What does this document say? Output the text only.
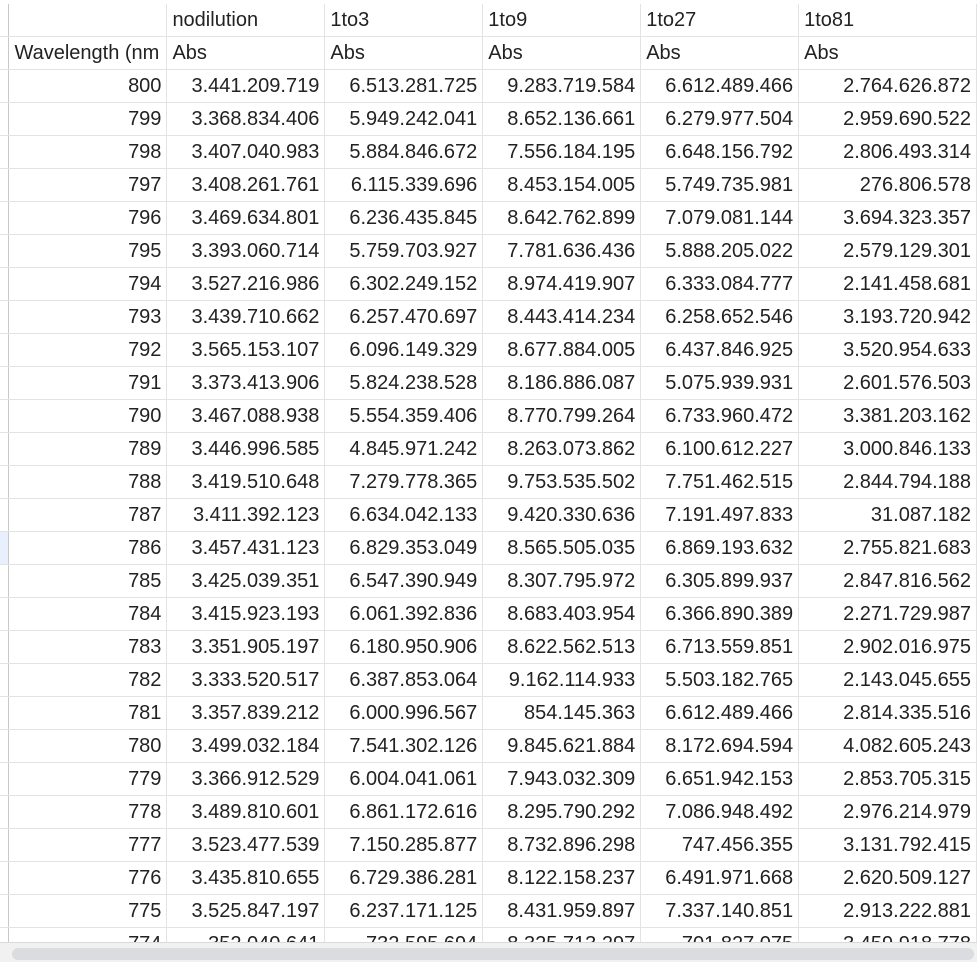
		nodilution	1to3	1to9	1to27	1to81
	Wavelength (nm	Abs	Abs	Abs	Abs	Abs
	800	3.441.209.719	6.513.281.725	9.283.719.584	6.612.489.466	2.764.626.872
	799	3.368.834.406	5.949.242.041	8.652.136.661	6.279.977.504	2.959.690.522
	798	3.407.040.983	5.884.846.672	7.556.184.195	6.648.156.792	2.806.493.314
	797	3.408.261.761	6.115.339.696	8.453.154.005	5.749.735.981	276.806.578
	796	3.469.634.801	6.236.435.845	8.642.762.899	7.079.081.144	3.694.323.357
	795	3.393.060.714	5.759.703.927	7.781.636.436	5.888.205.022	2.579.129.301
	794	3.527.216.986	6.302.249.152	8.974.419.907	6.333.084.777	2.141.458.681
	793	3.439.710.662	6.257.470.697	8.443.414.234	6.258.652.546	3.193.720.942
	792	3.565.153.107	6.096.149.329	8.677.884.005	6.437.846.925	3.520.954.633
	791	3.373.413.906	5.824.238.528	8.186.886.087	5.075.939.931	2.601.576.503
	790	3.467.088.938	5.554.359.406	8.770.799.264	6.733.960.472	3.381.203.162
	789	3.446.996.585	4.845.971.242	8.263.073.862	6.100.612.227	3.000.846.133
	788	3.419.510.648	7.279.778.365	9.753.535.502	7.751.462.515	2.844.794.188
	787	3.411.392.123	6.634.042.133	9.420.330.636	7.191.497.833	31.087.182
	786	3.457.431.123	6.829.353.049	8.565.505.035	6.869.193.632	2.755.821.683
	785	3.425.039.351	6.547.390.949	8.307.795.972	6.305.899.937	2.847.816.562
	784	3.415.923.193	6.061.392.836	8.683.403.954	6.366.890.389	2.271.729.987
	783	3.351.905.197	6.180.950.906	8.622.562.513	6.713.559.851	2.902.016.975
	782	3.333.520.517	6.387.853.064	9.162.114.933	5.503.182.765	2.143.045.655
	781	3.357.839.212	6.000.996.567	854.145.363	6.612.489.466	2.814.335.516
	780	3.499.032.184	7.541.302.126	9.845.621.884	8.172.694.594	4.082.605.243
	779	3.366.912.529	6.004.041.061	7.943.032.309	6.651.942.153	2.853.705.315
	778	3.489.810.601	6.861.172.616	8.295.790.292	7.086.948.492	2.976.214.979
	777	3.523.477.539	7.150.285.877	8.732.896.298	747.456.355	3.131.792.415
	776	3.435.810.655	6.729.386.281	8.122.158.237	6.491.971.668	2.620.509.127
	775	3.525.847.197	6.237.171.125	8.431.959.897	7.337.140.851	2.913.222.881
